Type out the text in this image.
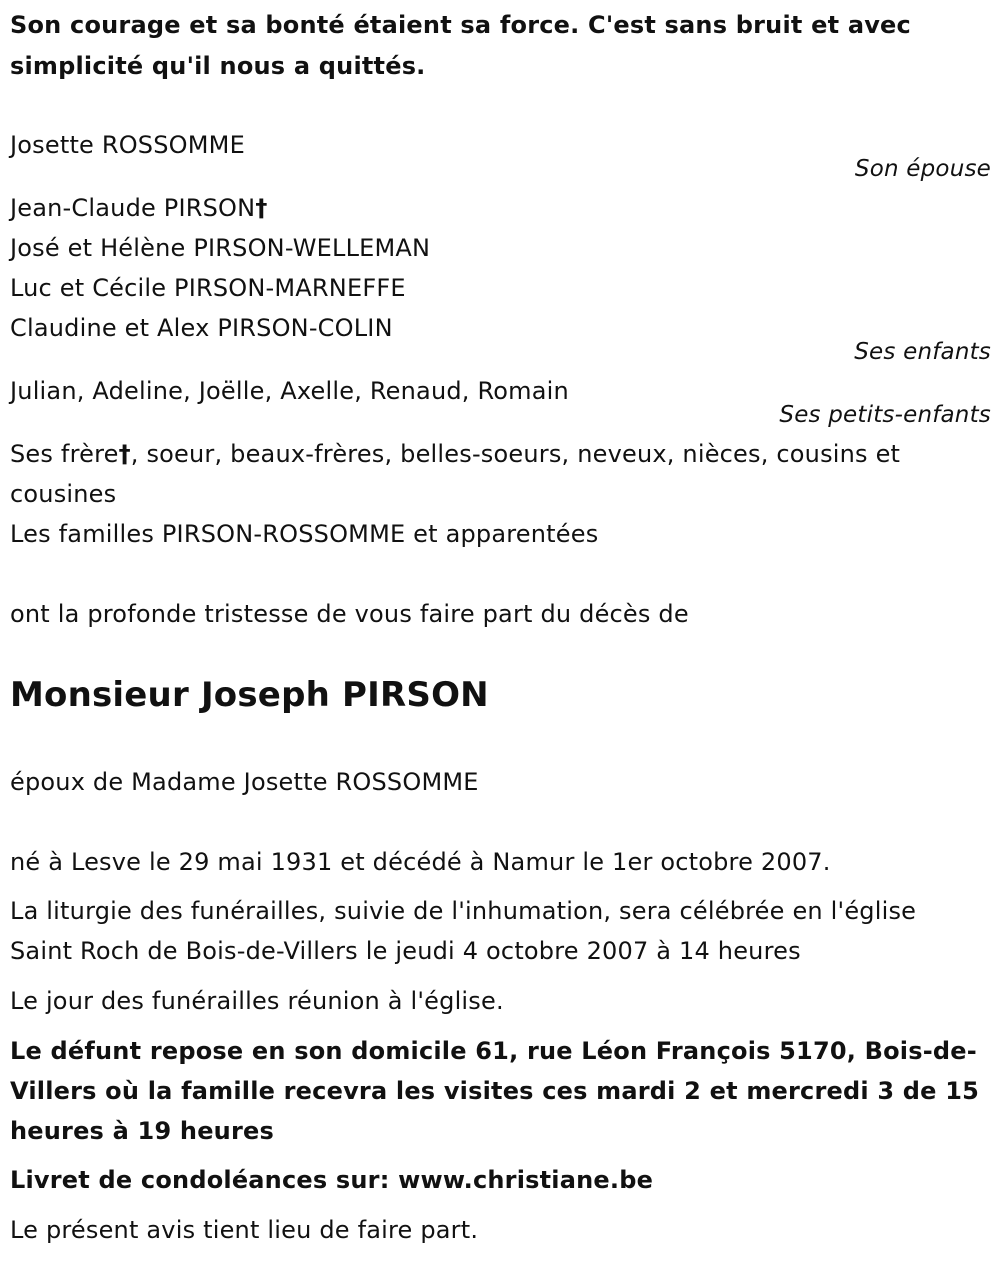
Son courage et sa bonté étaient sa force. C'est sans bruit et avec simplicité qu'il nous a quittés.
Josette ROSSOMME
Son épouse
Jean-Claude PIRSON†
José et Hélène PIRSON-WELLEMAN
Luc et Cécile PIRSON-MARNEFFE
Claudine et Alex PIRSON-COLIN
Ses enfants
Julian, Adeline, Joëlle, Axelle, Renaud, Romain
Ses petits-enfants
Ses frère†, soeur, beaux-frères, belles-soeurs, neveux, nièces, cousins et cousines
Les familles PIRSON-ROSSOMME et apparentées
ont la profonde tristesse de vous faire part du décès de
Monsieur Joseph PIRSON
époux de Madame Josette ROSSOMME
né à Lesve le 29 mai 1931 et décédé à Namur le 1er octobre 2007.
La liturgie des funérailles, suivie de l'inhumation, sera célébrée en l'église Saint Roch de Bois-de-Villers le jeudi 4 octobre 2007 à 14 heures
Le jour des funérailles réunion à l'église.
Le défunt repose en son domicile 61, rue Léon François 5170, Bois-de-Villers où la famille recevra les visites ces mardi 2 et mercredi 3 de 15 heures à 19 heures
Livret de condoléances sur: www.christiane.be
Le présent avis tient lieu de faire part.
